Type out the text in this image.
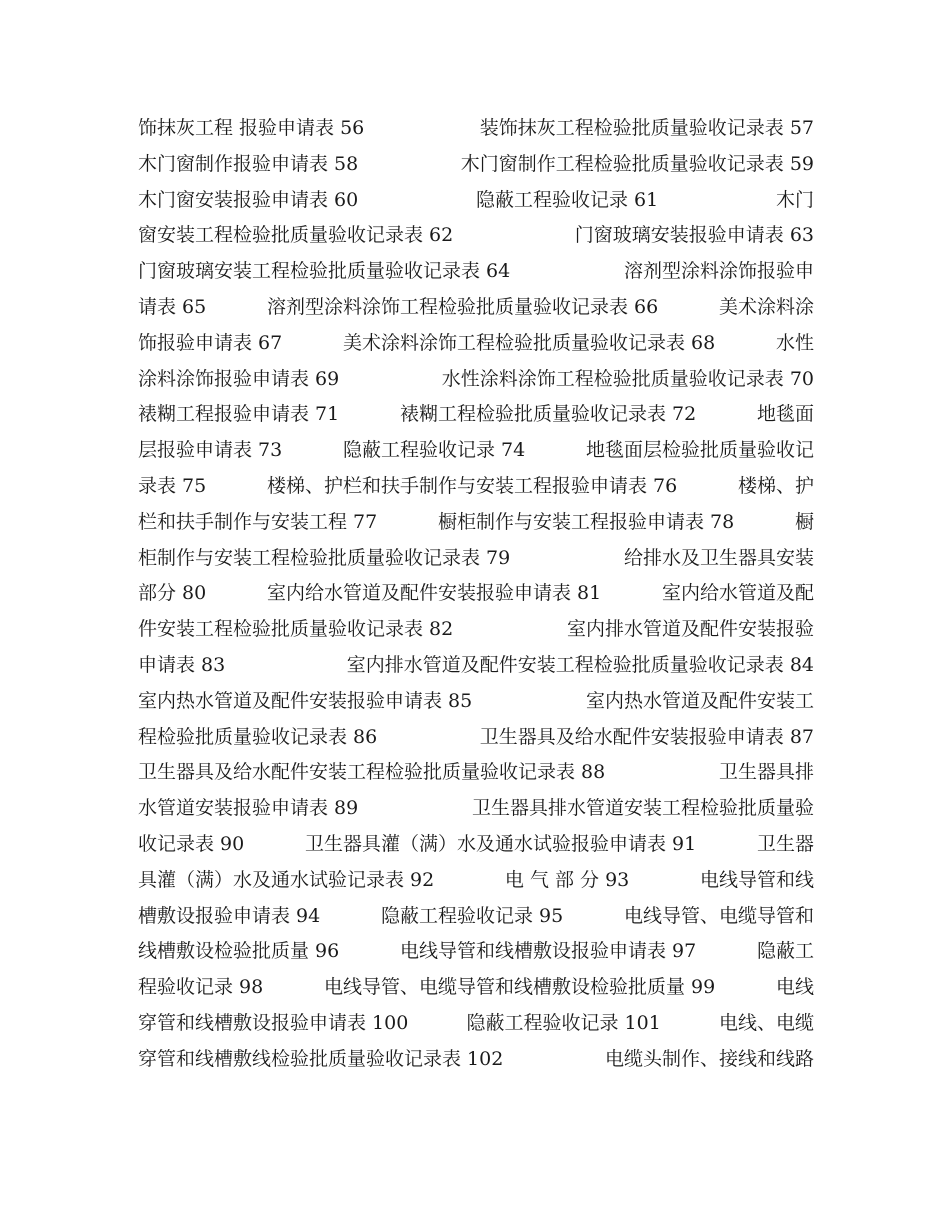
饰抹灰工程 报验申请表 56	装饰抹灰工程检验批质量验收记录表 57
木门窗制作报验申请表 58	木门窗制作工程检验批质量验收记录表 59
木门窗安装报验申请表 60	隐蔽工程验收记录 61	木门
窗安装工程检验批质量验收记录表 62	门窗玻璃安装报验申请表 63
门窗玻璃安装工程检验批质量验收记录表 64	溶剂型涂料涂饰报验申
请表 65	溶剂型涂料涂饰工程检验批质量验收记录表 66	美术涂料涂
饰报验申请表 67	美术涂料涂饰工程检验批质量验收记录表 68	水性
涂料涂饰报验申请表 69	水性涂料涂饰工程检验批质量验收记录表 70
裱糊工程报验申请表 71	裱糊工程检验批质量验收记录表 72	地毯面
层报验申请表 73	隐蔽工程验收记录 74	地毯面层检验批质量验收记
录表 75	楼梯、护栏和扶手制作与安装工程报验申请表 76	楼梯、护
栏和扶手制作与安装工程 77	橱柜制作与安装工程报验申请表 78	橱
柜制作与安装工程检验批质量验收记录表 79	给排水及卫生器具安装
部分 80	室内给水管道及配件安装报验申请表 81	室内给水管道及配
件安装工程检验批质量验收记录表 82	室内排水管道及配件安装报验
申请表 83	室内排水管道及配件安装工程检验批质量验收记录表 84
室内热水管道及配件安装报验申请表 85	室内热水管道及配件安装工
程检验批质量验收记录表 86	卫生器具及给水配件安装报验申请表 87
卫生器具及给水配件安装工程检验批质量验收记录表 88	卫生器具排
水管道安装报验申请表 89	卫生器具排水管道安装工程检验批质量验
收记录表 90	卫生器具灌（满）水及通水试验报验申请表 91	卫生器
具灌（满）水及通水试验记录表 92	电 气 部 分 93	电线导管和线
槽敷设报验申请表 94	隐蔽工程验收记录 95	电线导管、电缆导管和
线槽敷设检验批质量 96	电线导管和线槽敷设报验申请表 97	隐蔽工
程验收记录 98	电线导管、电缆导管和线槽敷设检验批质量 99	电线
穿管和线槽敷设报验申请表 100	隐蔽工程验收记录 101	电线、电缆
穿管和线槽敷线检验批质量验收记录表 102	电缆头制作、接线和线路
